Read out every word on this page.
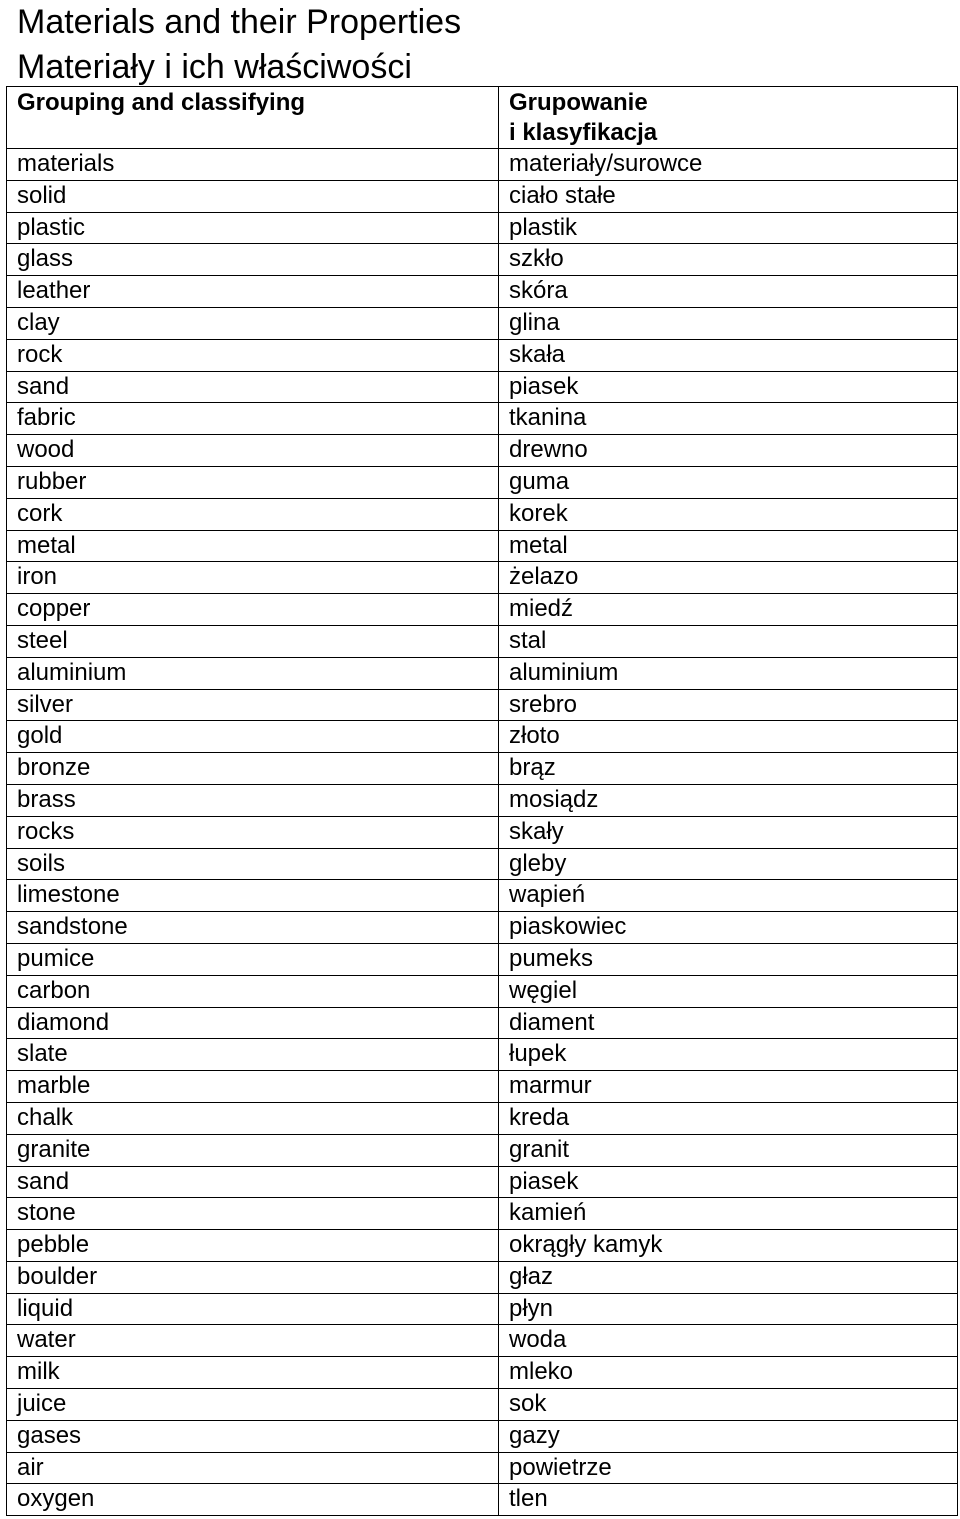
Materials and their Properties
Materiały i ich właściwości
Grouping and classifying	Grupowanie
i klasyfikacja

materials	materiały/surowce
solid	ciało stałe
plastic	plastik
glass	szkło
leather	skóra
clay	glina
rock	skała
sand	piasek
fabric	tkanina
wood	drewno
rubber	guma
cork	korek
metal	metal
iron	żelazo
copper	miedź
steel	stal
aluminium	aluminium
silver	srebro
gold	złoto
bronze	brąz
brass	mosiądz
rocks	skały
soils	gleby
limestone	wapień
sandstone	piaskowiec
pumice	pumeks
carbon	węgiel
diamond	diament
slate	łupek
marble	marmur
chalk	kreda
granite	granit
sand	piasek
stone	kamień
pebble	okrągły kamyk
boulder	głaz
liquid	płyn
water	woda
milk	mleko
juice	sok
gases	gazy
air	powietrze
oxygen	tlen
